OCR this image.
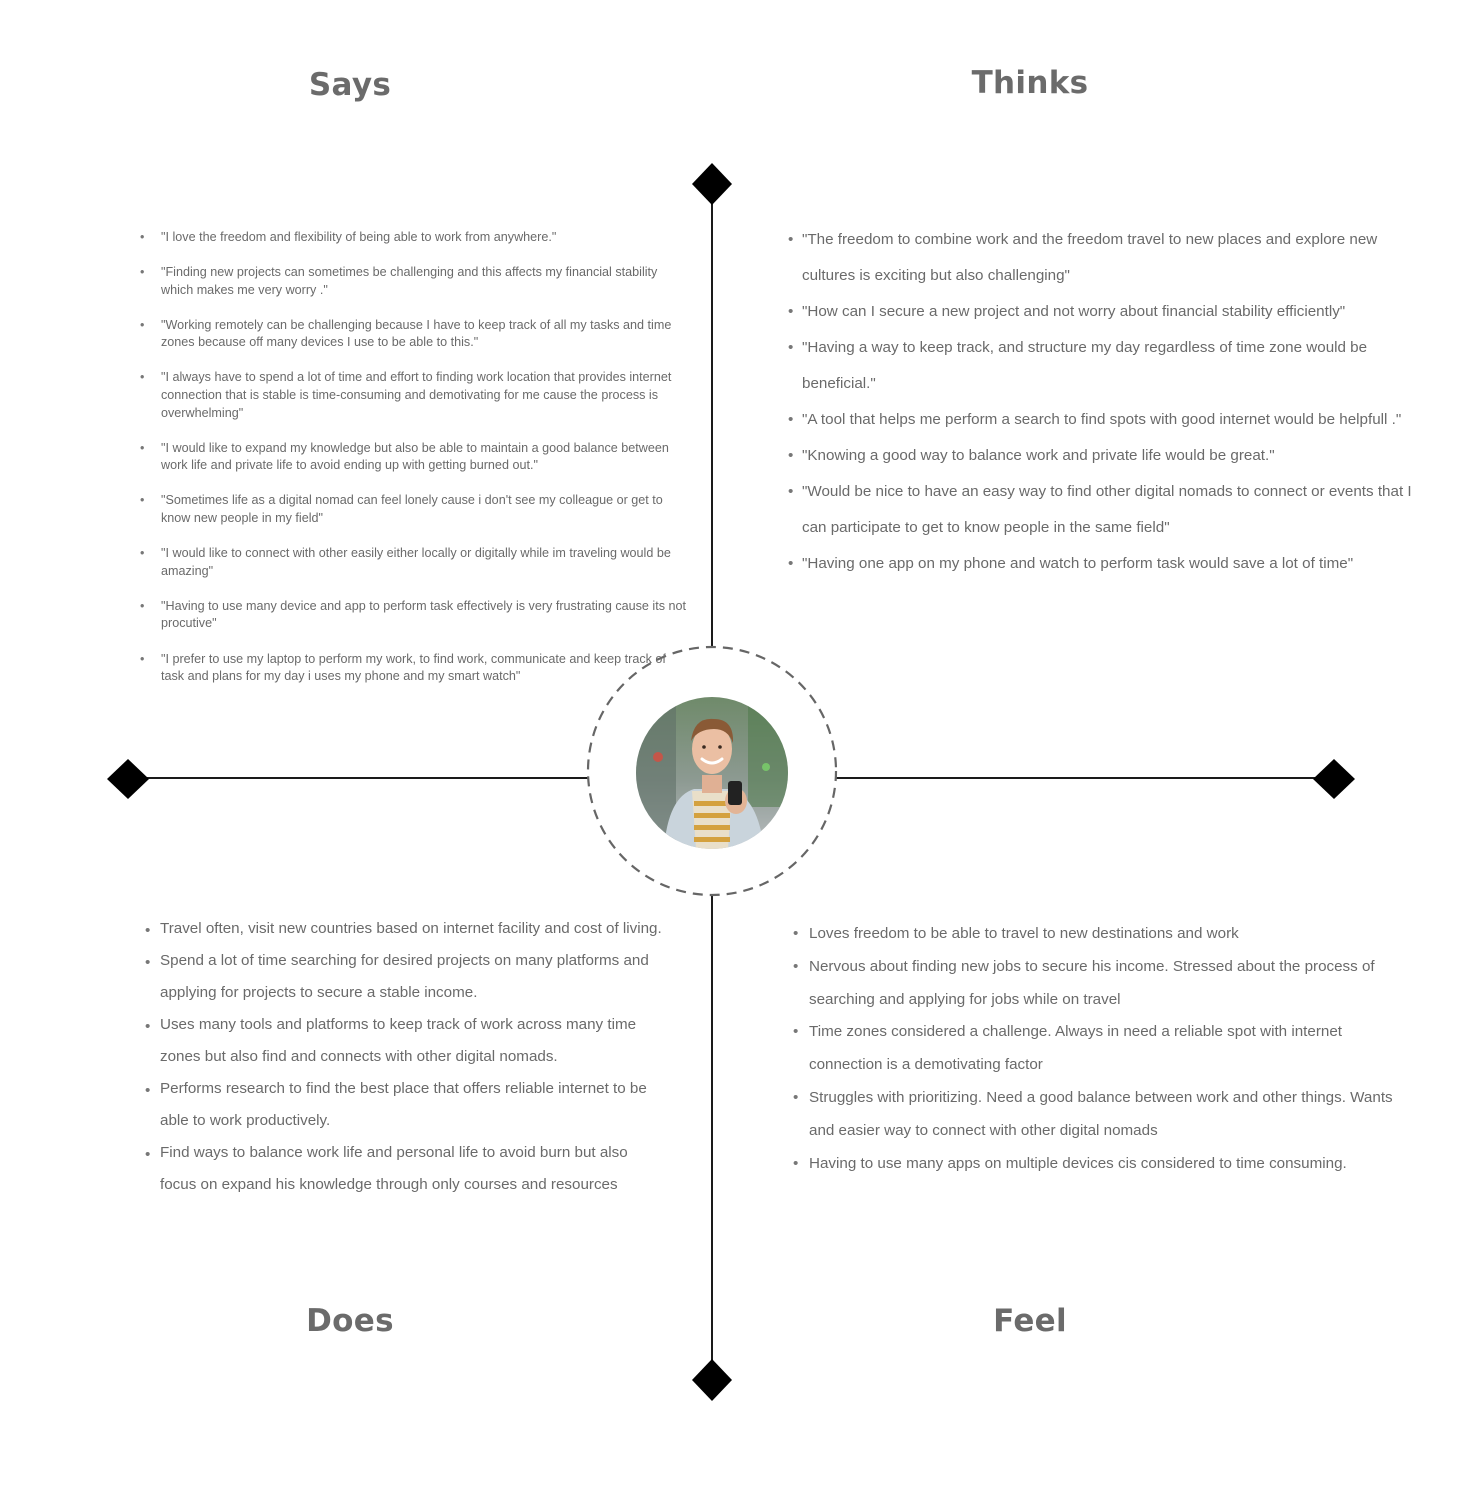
Says	Thinks
Does	Feel
• "I love the freedom and flexibility of being able to work from anywhere."
• "Finding new projects can sometimes be challenging and this affects my financial stability which makes me very worry ."
• "Working remotely can be challenging because I have to keep track of all my tasks and time zones because off many devices I use to be able to this."
• "I always have to spend a lot of time and effort to finding work location that provides internet connection that is stable is time-consuming and demotivating for me cause the process is overwhelming"
• "I would like to expand my knowledge but also be able to maintain a good balance between work life and private life to avoid ending up with getting burned out."
• "Sometimes life as a digital nomad can feel lonely cause i don't see my colleague or get to know new people in my field"
• "I would like to connect with other easily either locally or digitally while im traveling would be amazing"
• "Having to use many device and app to perform task effectively is very frustrating cause its not procutive"
• "I prefer to use my laptop to perform my work, to find work, communicate and keep track of task and plans for my day i uses my phone and my smart watch"
• "The freedom to combine work and the freedom travel to new places and explore new cultures is exciting but also challenging"
• "How can I secure a new project and not worry about financial stability efficiently"
• "Having a way to keep track, and structure my day regardless of time zone would be beneficial."
• "A tool that helps me perform a search to find spots with good internet would be helpfull ."
• "Knowing a good way to balance work and private life would be great."
• "Would be nice to have an easy way to find other digital nomads to connect or events that I can participate to get to know people in the same field"
• "Having one app on my phone and watch to perform task would save a lot of time"
• Travel often, visit new countries based on internet facility and cost of living.
• Spend a lot of time searching for desired projects on many platforms and applying for projects to secure a stable income.
• Uses many tools and platforms to keep track of work across many time zones but also find and connects with other digital nomads.
• Performs research to find the best place that offers reliable internet to be able to work productively.
• Find ways to balance work life and personal life to avoid burn but also focus on expand his knowledge through only courses and resources
• Loves freedom to be able to travel to new destinations and work
• Nervous about finding new jobs to secure his income. Stressed about the process of searching and applying for jobs while on travel
• Time zones considered a challenge. Always in need a reliable spot with internet connection is a demotivating factor
• Struggles with prioritizing. Need a good balance between work and other things. Wants and easier way to connect with other digital nomads
• Having to use many apps on multiple devices cis considered to time consuming.
